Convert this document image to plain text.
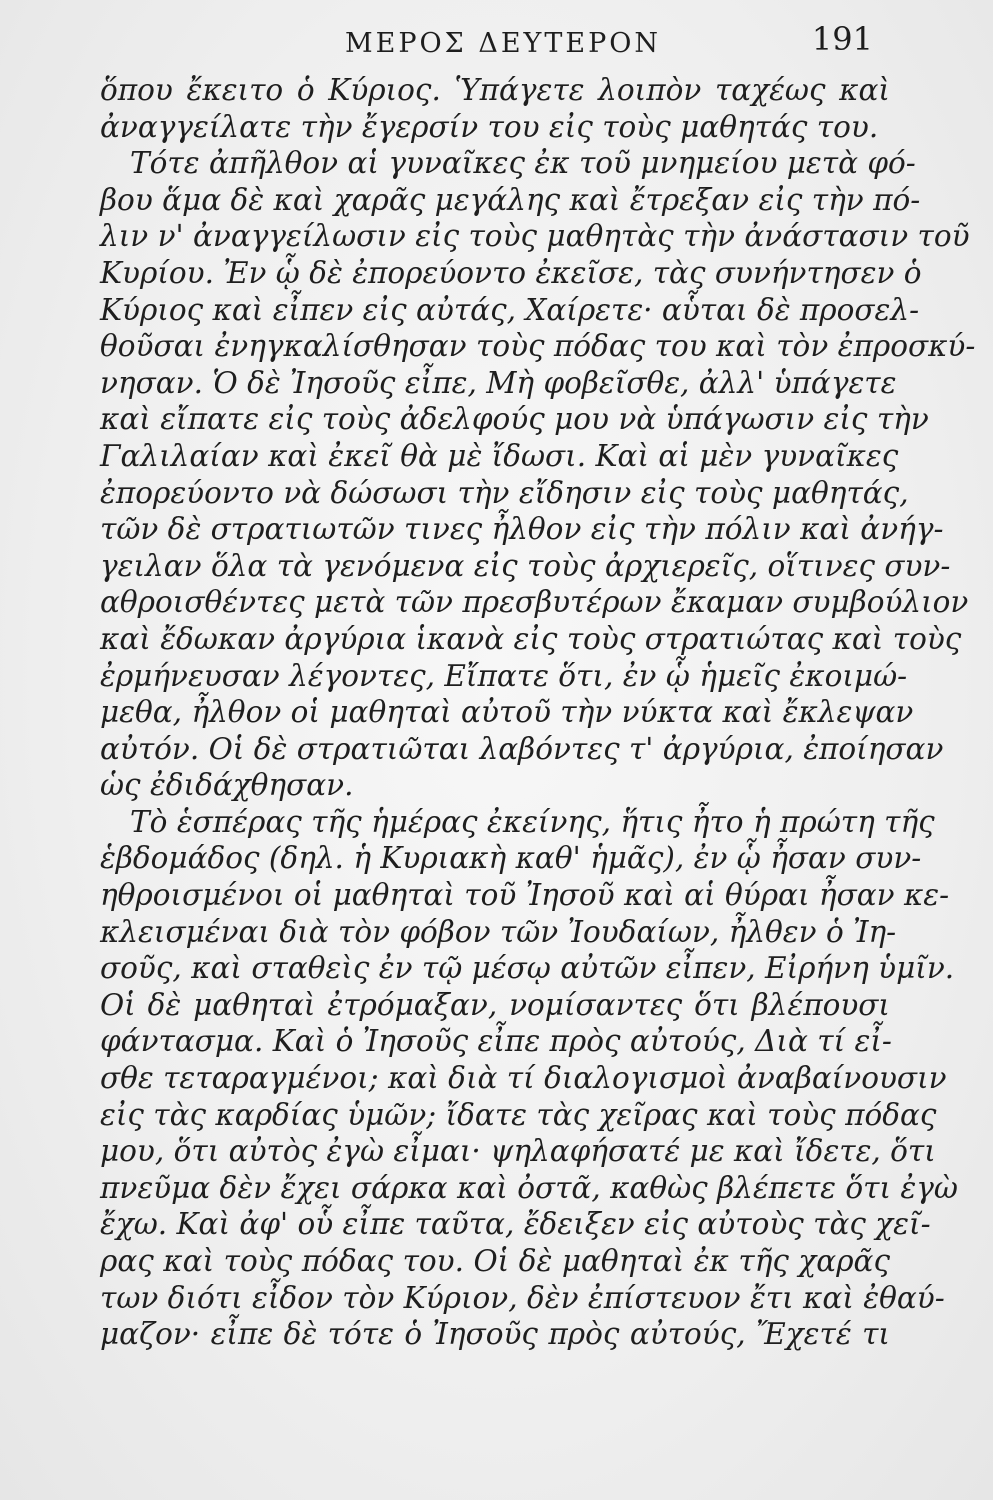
ΜΕΡΟΣ ΔΕΥΤΕΡΟΝ	191
ὅπου ἔκειτο ὁ Κύριος. Ὑπάγετε λοιπὸν ταχέως καὶ
ἀναγγείλατε τὴν ἔγερσίν του εἰς τοὺς μαθητάς του.
Τότε ἀπῆλθον αἱ γυναῖκες ἐκ τοῦ μνημείου μετὰ φό-
βου ἅμα δὲ καὶ χαρᾶς μεγάλης καὶ ἔτρεξαν εἰς τὴν πό-
λιν ν' ἀναγγείλωσιν εἰς τοὺς μαθητὰς τὴν ἀνάστασιν τοῦ
Κυρίου. Ἐν ᾧ δὲ ἐπορεύοντο ἐκεῖσε, τὰς συνήντησεν ὁ
Κύριος καὶ εἶπεν εἰς αὐτάς, Χαίρετε· αὗται δὲ προσελ-
θοῦσαι ἐνηγκαλίσθησαν τοὺς πόδας του καὶ τὸν ἐπροσκύ-
νησαν. Ὁ δὲ Ἰησοῦς εἶπε, Μὴ φοβεῖσθε, ἀλλ' ὑπάγετε
καὶ εἴπατε εἰς τοὺς ἀδελφούς μου νὰ ὑπάγωσιν εἰς τὴν
Γαλιλαίαν καὶ ἐκεῖ θὰ μὲ ἴδωσι. Καὶ αἱ μὲν γυναῖκες
ἐπορεύοντο νὰ δώσωσι τὴν εἴδησιν εἰς τοὺς μαθητάς,
τῶν δὲ στρατιωτῶν τινες ἦλθον εἰς τὴν πόλιν καὶ ἀνήγ-
γειλαν ὅλα τὰ γενόμενα εἰς τοὺς ἀρχιερεῖς, οἵτινες συν-
αθροισθέντες μετὰ τῶν πρεσβυτέρων ἔκαμαν συμβούλιον
καὶ ἔδωκαν ἀργύρια ἱκανὰ εἰς τοὺς στρατιώτας καὶ τοὺς
ἐρμήνευσαν λέγοντες, Εἴπατε ὅτι, ἐν ᾧ ἡμεῖς ἐκοιμώ-
μεθα, ἦλθον οἱ μαθηταὶ αὐτοῦ τὴν νύκτα καὶ ἔκλεψαν
αὐτόν. Οἱ δὲ στρατιῶται λαβόντες τ' ἀργύρια, ἐποίησαν
ὡς ἐδιδάχθησαν.
Τὸ ἑσπέρας τῆς ἡμέρας ἐκείνης, ἥτις ἦτο ἡ πρώτη τῆς
ἑβδομάδος (δηλ. ἡ Κυριακὴ καθ' ἡμᾶς), ἐν ᾧ ἦσαν συν-
ηθροισμένοι οἱ μαθηταὶ τοῦ Ἰησοῦ καὶ αἱ θύραι ἦσαν κε-
κλεισμέναι διὰ τὸν φόβον τῶν Ἰουδαίων, ἦλθεν ὁ Ἰη-
σοῦς, καὶ σταθεὶς ἐν τῷ μέσῳ αὐτῶν εἶπεν, Εἰρήνη ὑμῖν.
Οἱ δὲ μαθηταὶ ἐτρόμαξαν, νομίσαντες ὅτι βλέπουσι
φάντασμα. Καὶ ὁ Ἰησοῦς εἶπε πρὸς αὐτούς, Διὰ τί εἶ-
σθε τεταραγμένοι; καὶ διὰ τί διαλογισμοὶ ἀναβαίνουσιν
εἰς τὰς καρδίας ὑμῶν; ἴδατε τὰς χεῖρας καὶ τοὺς πόδας
μου, ὅτι αὐτὸς ἐγὼ εἶμαι· ψηλαφήσατέ με καὶ ἴδετε, ὅτι
πνεῦμα δὲν ἔχει σάρκα καὶ ὀστᾶ, καθὼς βλέπετε ὅτι ἐγὼ
ἔχω. Καὶ ἀφ' οὗ εἶπε ταῦτα, ἔδειξεν εἰς αὐτοὺς τὰς χεῖ-
ρας καὶ τοὺς πόδας του. Οἱ δὲ μαθηταὶ ἐκ τῆς χαρᾶς
των διότι εἶδον τὸν Κύριον, δὲν ἐπίστευον ἔτι καὶ ἐθαύ-
μαζον· εἶπε δὲ τότε ὁ Ἰησοῦς πρὸς αὐτούς, Ἔχετέ τι
